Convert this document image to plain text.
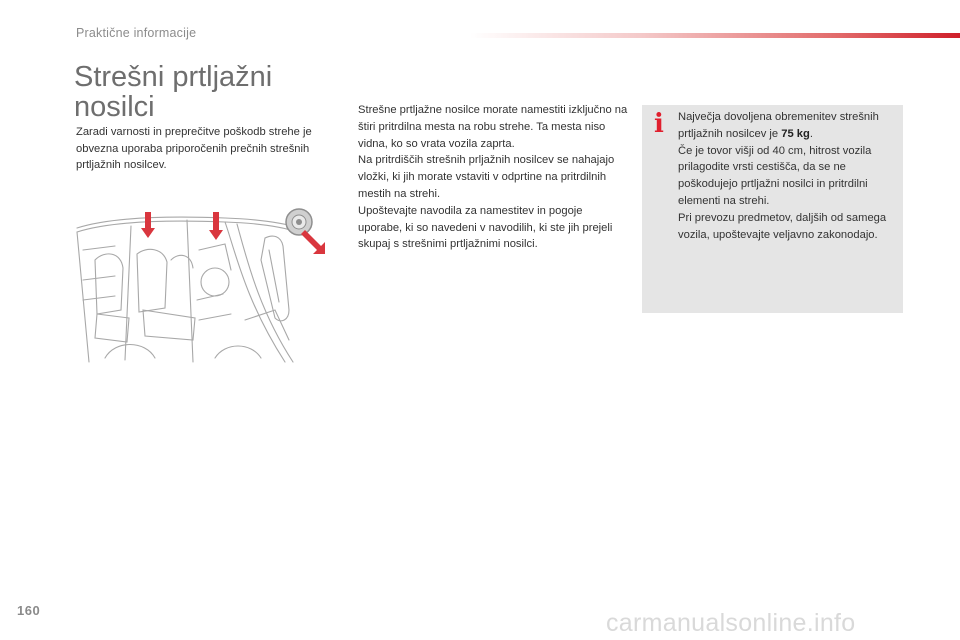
Praktične informacije
Strešni prtljažni nosilci
Zaradi varnosti in preprečitve poškodb strehe je obvezna uporaba priporočenih prečnih strešnih prtljažnih nosilcev.

Strešne prtljažne nosilce morate namestiti izključno na štiri pritrdilna mesta na robu strehe. Ta mesta niso vidna, ko so vrata vozila zaprta.

Na pritrdiščih strešnih prljažnih nosilcev se nahajajo vložki, ki jih morate vstaviti v odprtine na pritrdilnih mestih na strehi.

Upoštevajte navodila za namestitev in pogoje uporabe, ki so navedeni v navodilih, ki ste jih prejeli skupaj s strešnimi prtljažnimi nosilci.

i Največja dovoljena obremenitev strešnih prtljažnih nosilcev je 75 kg.

Če je tovor višji od 40 cm, hitrost vozila prilagodite vrsti cestišča, da se ne poškodujejo prtljažni nosilci in pritrdilni elementi na strehi.

Pri prevozu predmetov, daljših od samega vozila, upoštevajte veljavno zakonodajo.

160	carmanualsonline.info
